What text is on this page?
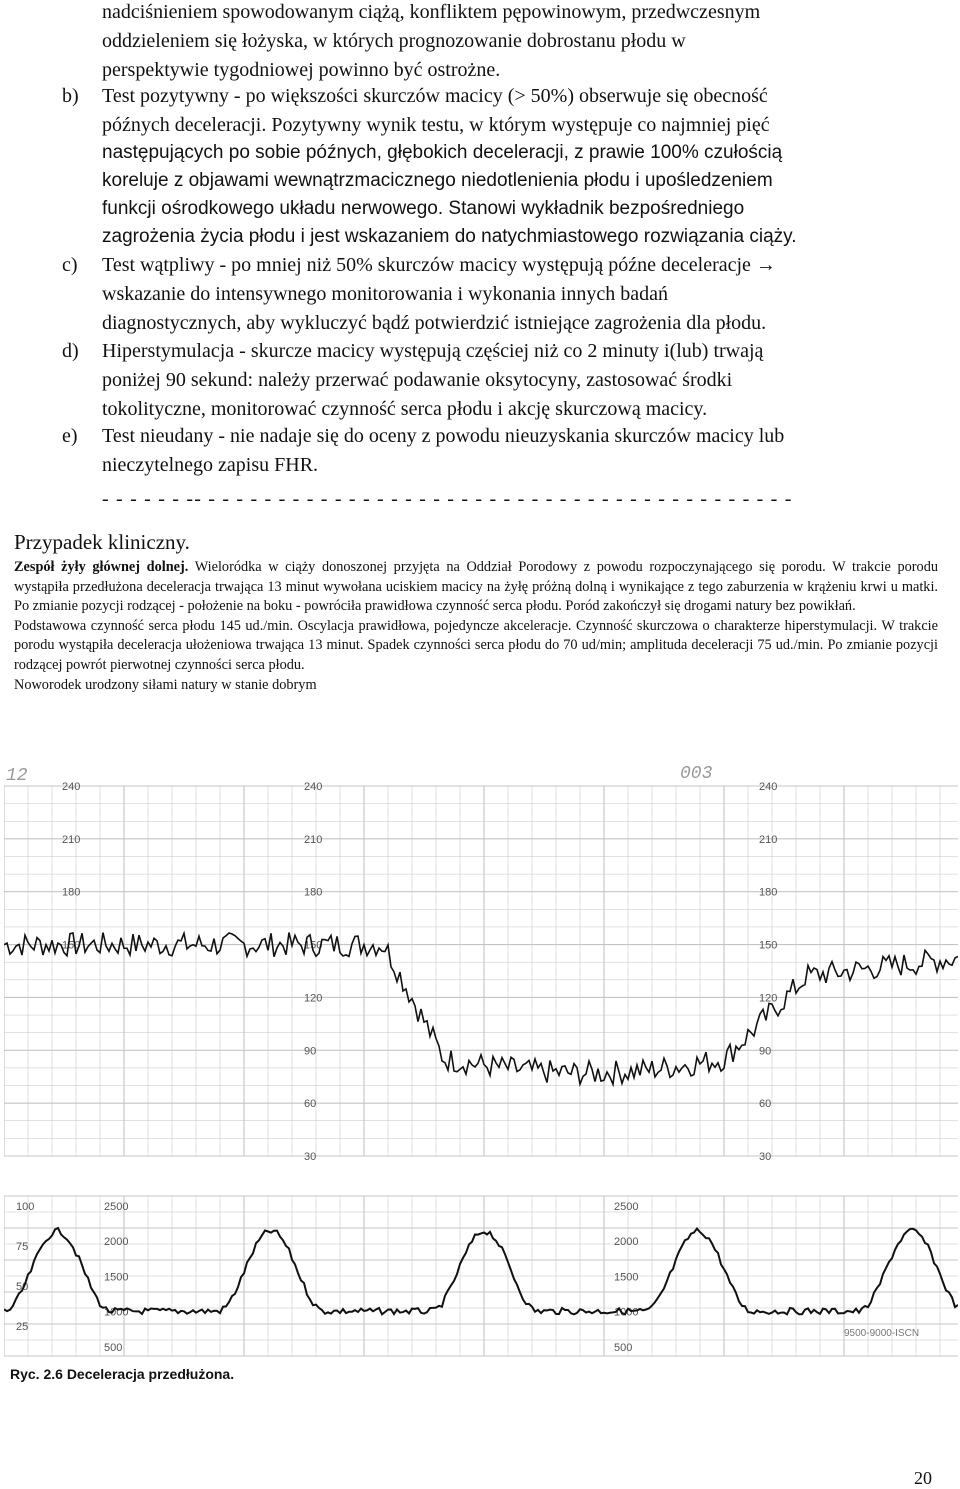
nadciśnieniem spowodowanym ciążą, konfliktem pępowinowym, przedwczesnym
oddzieleniem się łożyska, w których prognozowanie dobrostanu płodu w
perspektywie tygodniowej powinno być ostrożne.
b) Test pozytywny - po większości skurczów macicy (> 50%) obserwuje się obecność
późnych deceleracji. Pozytywny wynik testu, w którym występuje co najmniej pięć
następujących po sobie późnych, głębokich deceleracji, z prawie 100% czułością
koreluje z objawami wewnątrzmacicznego niedotlenienia płodu i upośledzeniem
funkcji ośrodkowego układu nerwowego. Stanowi wykładnik bezpośredniego
zagrożenia życia płodu i jest wskazaniem do natychmiastowego rozwiązania ciąży.
c) Test wątpliwy - po mniej niż 50% skurczów macicy występują późne deceleracje →
wskazanie do intensywnego monitorowania i wykonania innych badań
diagnostycznych, aby wykluczyć bądź potwierdzić istniejące zagrożenia dla płodu.
d) Hiperstymulacja - skurcze macicy występują częściej niż co 2 minuty i(lub) trwają
poniżej 90 sekund: należy przerwać podawanie oksytocyny, zastosować środki
tokolityczne, monitorować czynność serca płodu i akcję skurczową macicy.
e) Test nieudany - nie nadaje się do oceny z powodu nieuzyskania skurczów macicy lub
nieczytelnego zapisu FHR.
- - - - - - -- - - - - - - - - - - - - - - - - - - - - - - - - - - - - - - - - - - - - - - - - - -
Przypadek kliniczny.

Zespół żyły głównej dolnej. Wieloródka w ciąży donoszonej przyjęta na Oddział Porodowy z powodu rozpoczynającego się porodu. W trakcie porodu wystąpiła przedłużona deceleracja trwająca 13 minut wywołana uciskiem macicy na żyłę próżną dolną i wynikające z tego zaburzenia w krążeniu krwi u matki. Po zmianie pozycji rodzącej - położenie na boku - powróciła prawidłowa czynność serca płodu. Poród zakończył się drogami natury bez powikłań.

Podstawowa czynność serca płodu 145 ud./min. Oscylacja prawidłowa, pojedyncze akceleracje. Czynność skurczowa o charakterze hiperstymulacji. W trakcie porodu wystąpiła deceleracja ułożeniowa trwająca 13 minut. Spadek czynności serca płodu do 70 ud/min; amplituda deceleracji 75 ud./min. Po zmianie pozycji rodzącej powrót pierwotnej czynności serca płodu.

Noworodek urodzony siłami natury w stanie dobrym

240
210
180
150
240
210
180
150
120
90
60
30
240
210
180
150
120
90
60
30
100
75
50
25
2500
2000
1500
1000
500
2500
2000
1500
1000
500
12	003
9500-9000-ISCN
Ryc. 2.6 Deceleracja przedłużona.
20
